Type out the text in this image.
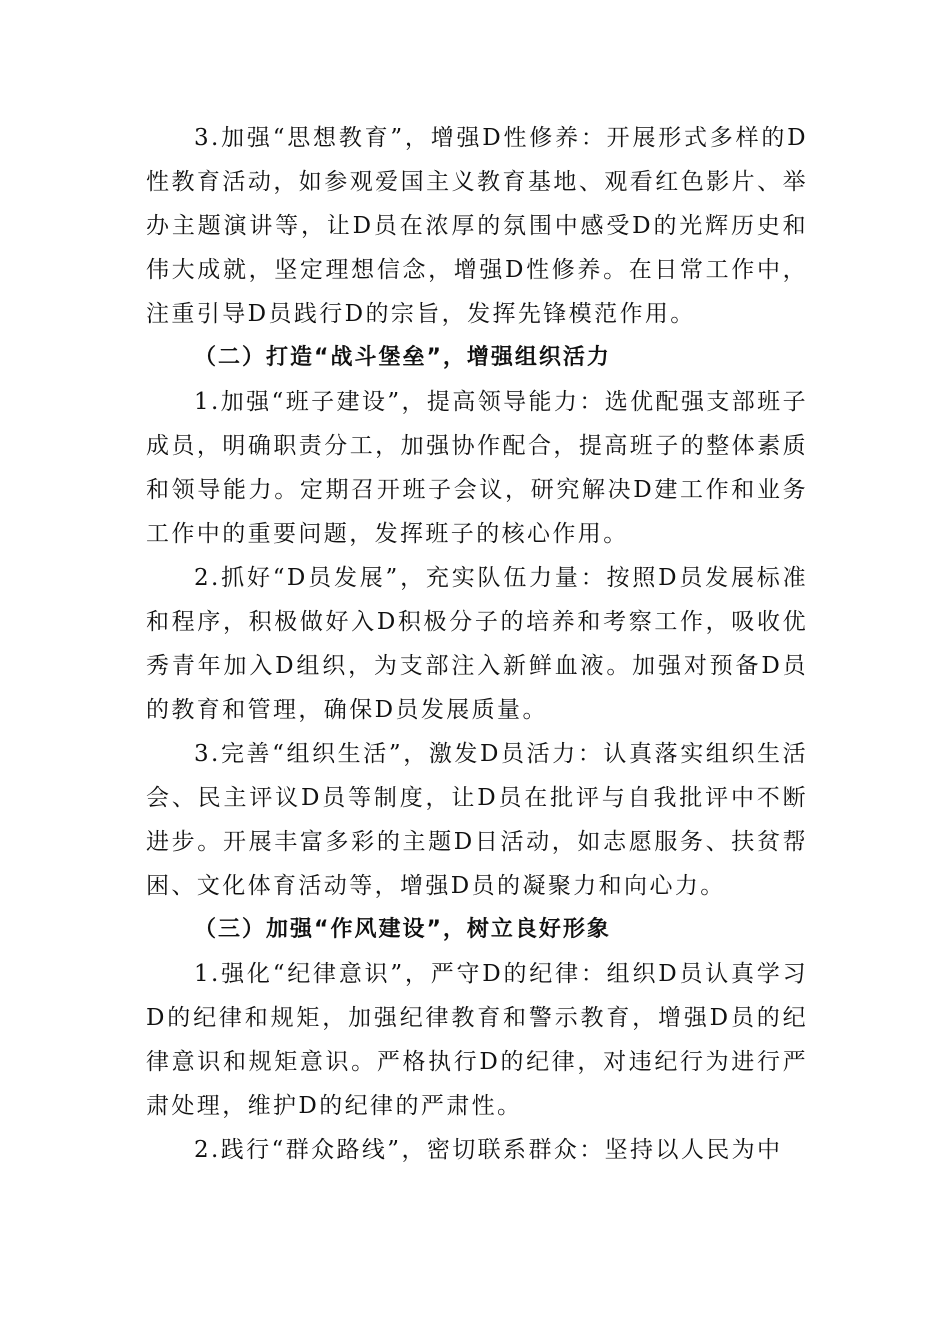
3.加强“思想教育”，增强D性修养：开展形式多样的D性教育活动，如参观爱国主义教育基地、观看红色影片、举办主题演讲等，让D员在浓厚的氛围中感受D的光辉历史和伟大成就，坚定理想信念，增强D性修养。在日常工作中，注重引导D员践行D的宗旨，发挥先锋模范作用。

（二）打造“战斗堡垒”，增强组织活力

1.加强“班子建设”，提高领导能力：选优配强支部班子成员，明确职责分工，加强协作配合，提高班子的整体素质和领导能力。定期召开班子会议，研究解决D建工作和业务工作中的重要问题，发挥班子的核心作用。

2.抓好“D员发展”，充实队伍力量：按照D员发展标准和程序，积极做好入D积极分子的培养和考察工作，吸收优秀青年加入D组织，为支部注入新鲜血液。加强对预备D员的教育和管理，确保D员发展质量。

3.完善“组织生活”，激发D员活力：认真落实组织生活会、民主评议D员等制度，让D员在批评与自我批评中不断进步。开展丰富多彩的主题D日活动，如志愿服务、扶贫帮困、文化体育活动等，增强D员的凝聚力和向心力。

（三）加强“作风建设”，树立良好形象

1.强化“纪律意识”，严守D的纪律：组织D员认真学习D的纪律和规矩，加强纪律教育和警示教育，增强D员的纪律意识和规矩意识。严格执行D的纪律，对违纪行为进行严肃处理，维护D的纪律的严肃性。

2.践行“群众路线”，密切联系群众：坚持以人民为中
